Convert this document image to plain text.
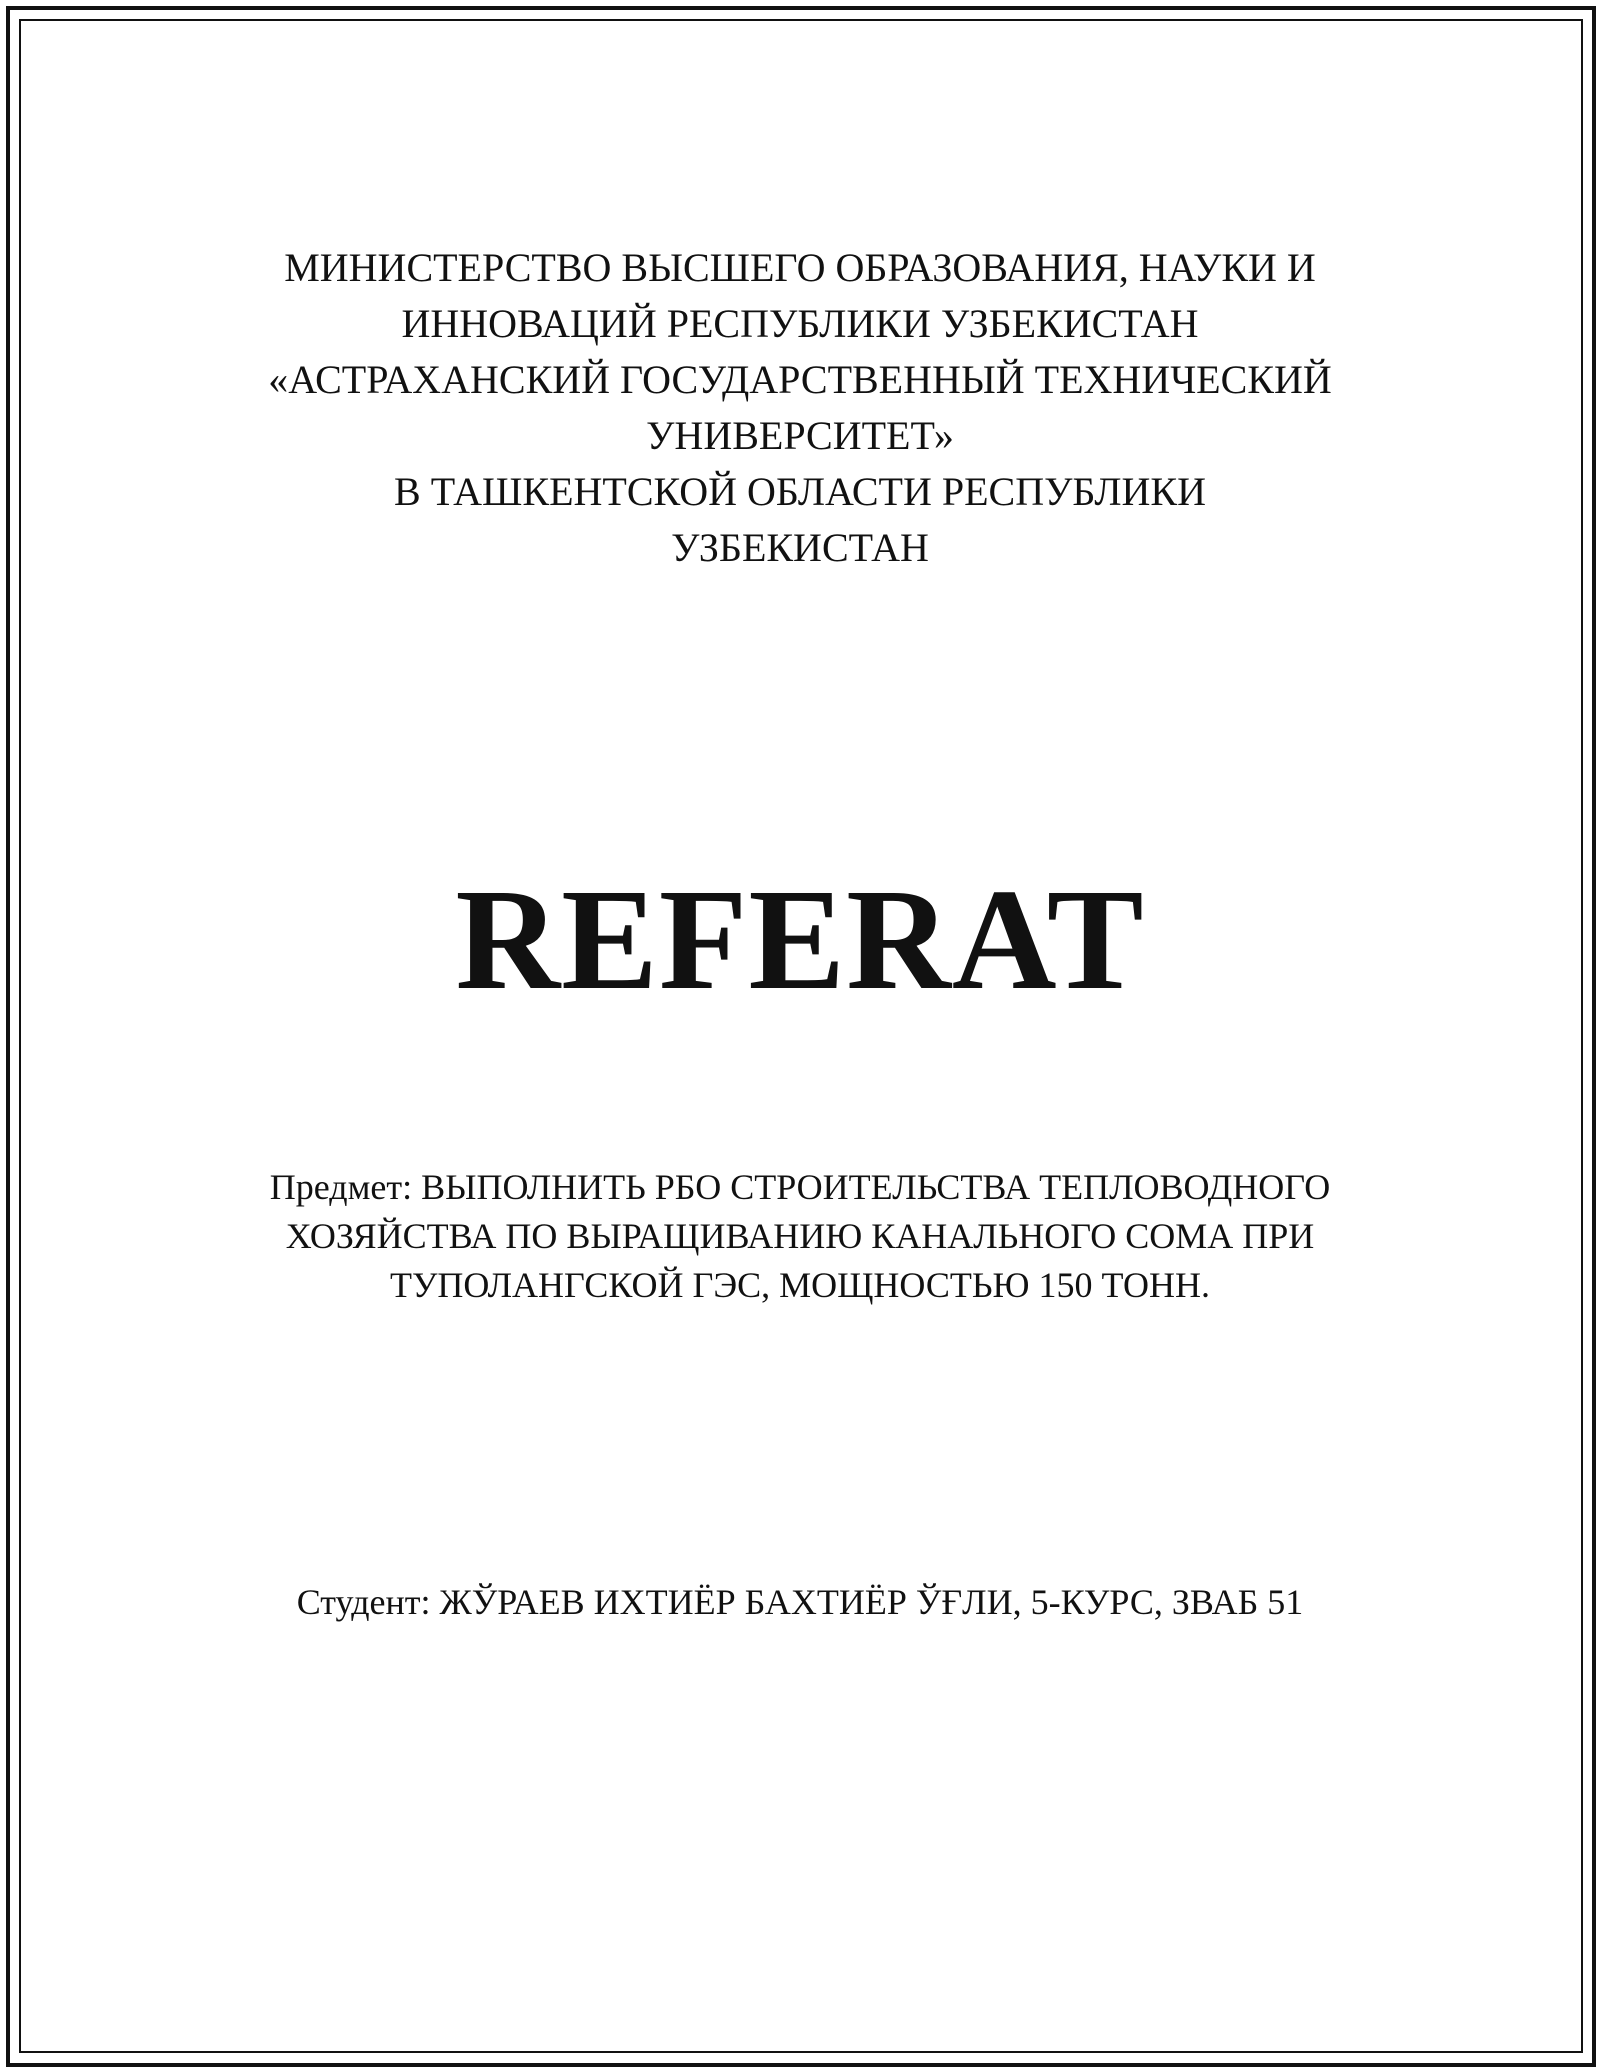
МИНИСТЕРСТВО ВЫСШЕГО ОБРАЗОВАНИЯ, НАУКИ И
ИННОВАЦИЙ РЕСПУБЛИКИ УЗБЕКИСТАН
«АСТРАХАНСКИЙ ГОСУДАРСТВЕННЫЙ ТЕХНИЧЕСКИЙ
УНИВЕРСИТЕТ»
В ТАШКЕНТСКОЙ ОБЛАСТИ РЕСПУБЛИКИ
УЗБЕКИСТАН
REFERAT
Предмет: ВЫПОЛНИТЬ РБО СТРОИТЕЛЬСТВА ТЕПЛОВОДНОГО
ХОЗЯЙСТВА ПО ВЫРАЩИВАНИЮ КАНАЛЬНОГО СОМА ПРИ
ТУПОЛАНГСКОЙ ГЭС, МОЩНОСТЬЮ 150 ТОНН.
Студент: ЖЎРАЕВ ИХТИЁР БАХТИЁР ЎҒЛИ, 5-КУРС, ЗВАБ 51
